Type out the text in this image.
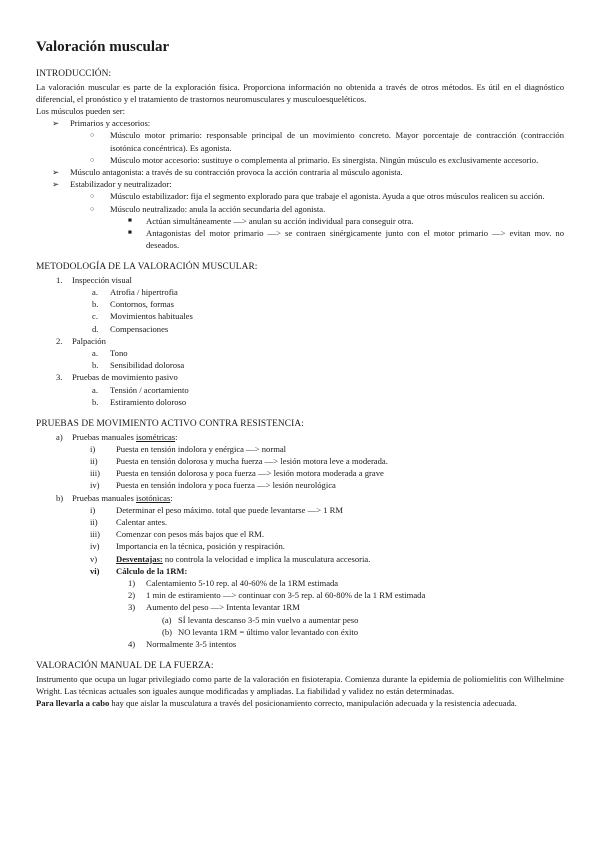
Valoración muscular
INTRODUCCIÓN:
La valoración muscular es parte de la exploración física. Proporciona información no obtenida a través de otros métodos. Es útil en el diagnóstico diferencial, el pronóstico y el tratamiento de trastornos neuromusculares y musculoesqueléticos.
Los músculos pueden ser:
➢	Primarios y accesorios:
○	Músculo motor primario: responsable principal de un movimiento concreto. Mayor porcentaje de contracción (contracción isotónica concéntrica). Es agonista.
○	Músculo motor accesorio: sustituye o complementa al primario. Es sinergista. Ningún músculo es exclusivamente accesorio.
➢	Músculo antagonista: a través de su contracción provoca la acción contraria al músculo agonista.
➢	Estabilizador y neutralizador:
○	Músculo estabilizador: fija el segmento explorado para que trabaje el agonista. Ayuda a que otros músculos realicen su acción.
○	Músculo neutralizado: anula la acción secundaria del agonista.
■	Actúan simultáneamente —> anulan su acción individual para conseguir otra.
■	Antagonistas del motor primario —> se contraen sinérgicamente junto con el motor primario —> evitan mov. no deseados.
METODOLOGÍA DE LA VALORACIÓN MUSCULAR:
1.	Inspección visual
a.	Atrofia / hipertrofia
b.	Contornos, formas
c.	Movimientos habituales
d.	Compensaciones
2.	Palpación
a.	Tono
b.	Sensibilidad dolorosa
3.	Pruebas de movimiento pasivo
a.	Tensión / acortamiento
b.	Estiramiento doloroso
PRUEBAS DE MOVIMIENTO ACTIVO CONTRA RESISTENCIA:
a)	Pruebas manuales isométricas:
i)	Puesta en tensión indolora y enérgica —> normal
ii)	Puesta en tensión dolorosa y mucha fuerza —> lesión motora leve a moderada.
iii)	Puesta en tensión dolorosa y poca fuerza —> lesión motora moderada a grave
iv)	Puesta en tensión indolora y poca fuerza —> lesión neurológica
b)	Pruebas manuales isotónicas:
i)	Determinar el peso máximo. total que puede levantarse —> 1 RM
ii)	Calentar antes.
iii)	Comenzar con pesos más bajos que el RM.
iv)	Importancia en la técnica, posición y respiración.
v)	Desventajas: no controla la velocidad e implica la musculatura accesoria.
vi)	Cálculo de la 1RM:
1)	Calentamiento 5-10 rep. al 40-60% de la 1RM estimada
2)	1 min de estiramiento —> continuar con 3-5 rep. al 60-80% de la 1 RM estimada
3)	Aumento del peso —> Intenta levantar 1RM
(a) SÍ levanta descanso 3-5 min vuelvo a aumentar peso
(b) NO levanta 1RM = último valor levantado con éxito
4)	Normalmente 3-5 intentos
VALORACIÓN MANUAL DE LA FUERZA:
Instrumento que ocupa un lugar privilegiado como parte de la valoración en fisioterapia. Comienza durante la epidemia de poliomielitis con Wilhelmine Wright. Las técnicas actuales son iguales aunque modificadas y ampliadas. La fiabilidad y validez no están determinadas.
Para llevarla a cabo hay que aislar la musculatura a través del posicionamiento correcto, manipulación adecuada y la resistencia adecuada.
